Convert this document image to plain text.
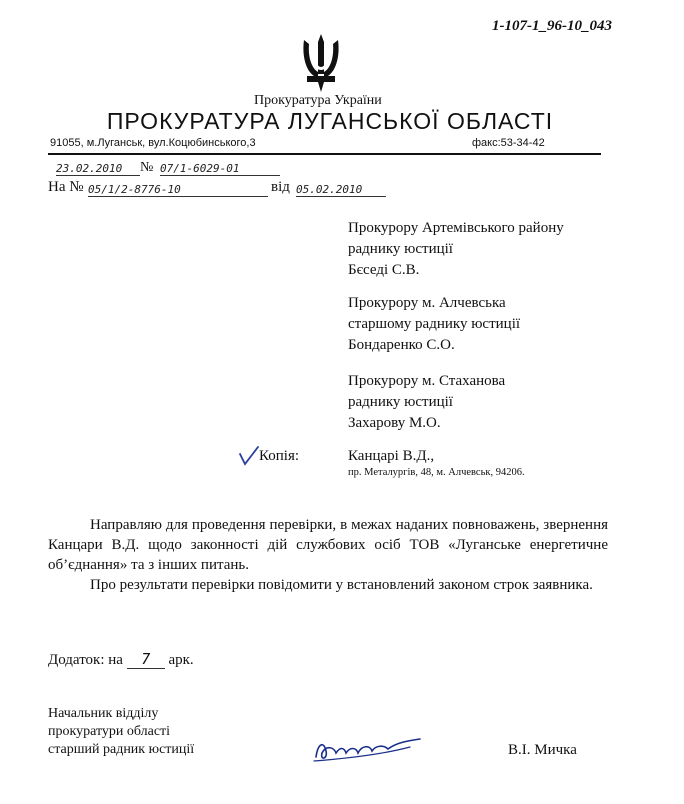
1-107-1_96-10_043
Прокуратура України
ПРОКУРАТУРА ЛУГАНСЬКОЇ ОБЛАСТІ
91055, м.Луганськ, вул.Коцюбинського,3	факс:53-34-42
23.02.2010	№ 07/1-6029-01
На № 05/1/2-8776-10	від 05.02.2010
Прокурору Артемівського району
раднику юстиції
Бєседі С.В.
Прокурору м. Алчевська
старшому раднику юстиції
Бондаренко С.О.
Прокурору м. Стаханова
раднику юстиції
Захарову М.О.
Копія:	Канцарі В.Д.,
пр. Металургів, 48, м. Алчевськ, 94206.
Направляю для проведення перевірки, в межах наданих повноважень, звернення Канцари В.Д. щодо законності дій службових осіб ТОВ «Луганське енергетичне об’єднання» та з інших питань.
Про результати перевірки повідомити у встановлений законом строк заявника.
Додаток: на 7 арк.
Начальник відділу
прокуратури області
старший радник юстиції	В.І. Мичка
